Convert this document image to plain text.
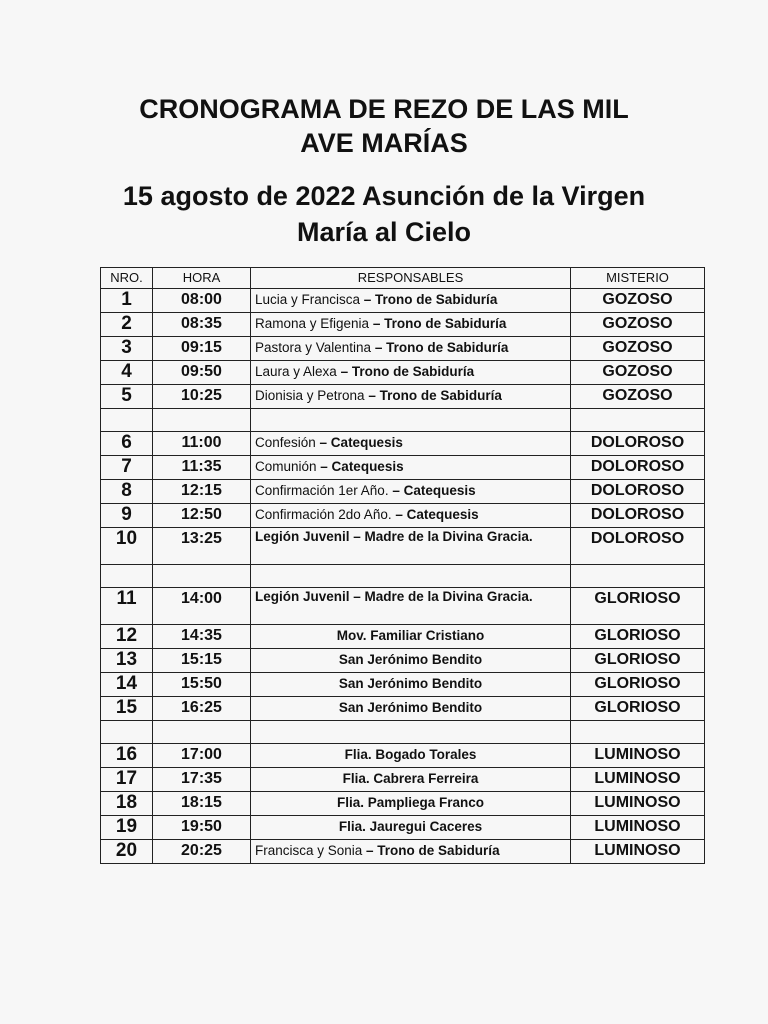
CRONOGRAMA DE REZO DE LAS MIL
AVE MARÍAS
15 agosto de 2022 Asunción de la Virgen
María al Cielo
NRO.	HORA	RESPONSABLES	MISTERIO
1	08:00	Lucia y Francisca – Trono de Sabiduría	GOZOSO
2	08:35	Ramona y Efigenia – Trono de Sabiduría	GOZOSO
3	09:15	Pastora y Valentina – Trono de Sabiduría	GOZOSO
4	09:50	Laura y Alexa – Trono de Sabiduría	GOZOSO
5	10:25	Dionisia y Petrona – Trono de Sabiduría	GOZOSO

6	11:00	Confesión – Catequesis	DOLOROSO
7	11:35	Comunión – Catequesis	DOLOROSO
8	12:15	Confirmación 1er Año. – Catequesis	DOLOROSO
9	12:50	Confirmación 2do Año. – Catequesis	DOLOROSO
10	13:25	Legión Juvenil – Madre de la Divina Gracia.	DOLOROSO

11	14:00	Legión Juvenil – Madre de la Divina Gracia.	GLORIOSO
12	14:35	Mov. Familiar Cristiano	GLORIOSO
13	15:15	San Jerónimo Bendito	GLORIOSO
14	15:50	San Jerónimo Bendito	GLORIOSO
15	16:25	San Jerónimo Bendito	GLORIOSO

16	17:00	Flia. Bogado Torales	LUMINOSO
17	17:35	Flia. Cabrera Ferreira	LUMINOSO
18	18:15	Flia. Pampliega Franco	LUMINOSO
19	19:50	Flia. Jauregui Caceres	LUMINOSO
20	20:25	Francisca y Sonia – Trono de Sabiduría	LUMINOSO
